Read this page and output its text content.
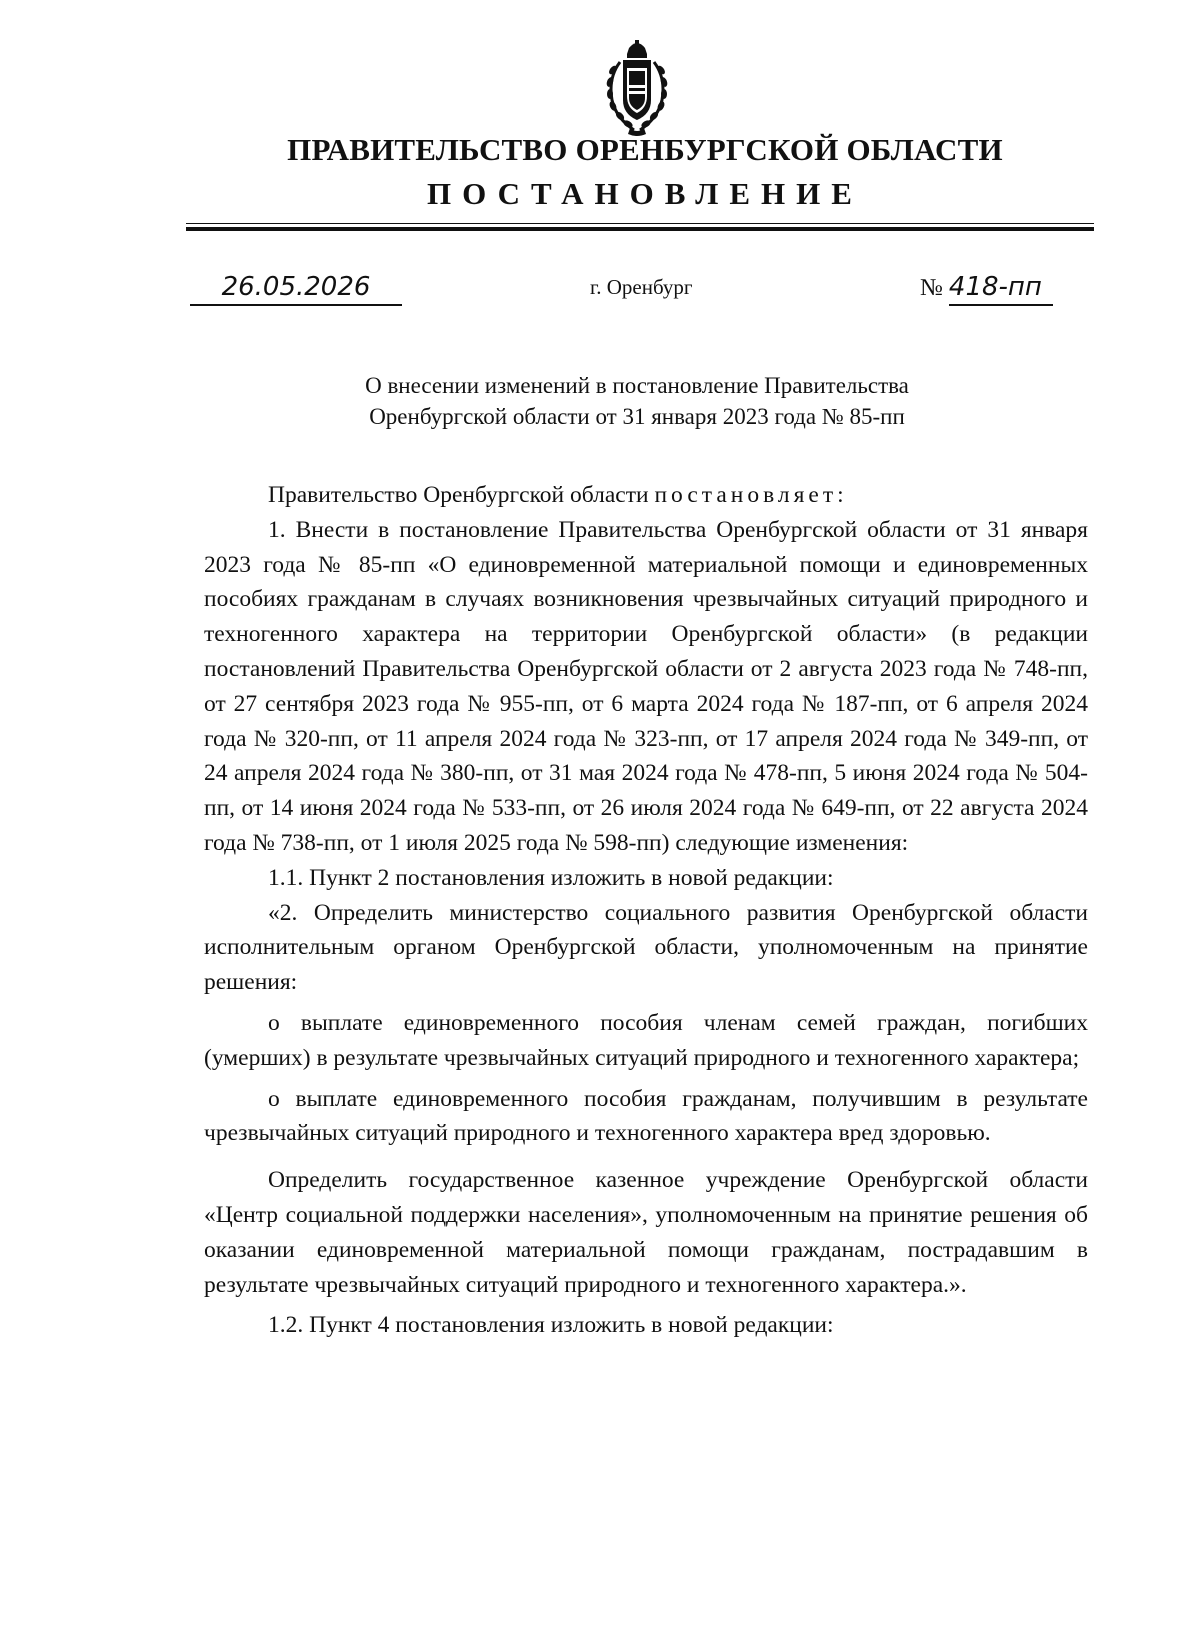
ПРАВИТЕЛЬСТВО ОРЕНБУРГСКОЙ ОБЛАСТИ
ПОСТАНОВЛЕНИЕ
26.05.2026	г. Оренбург	№ 418-пп
О внесении изменений в постановление Правительства
Оренбургской области от 31 января 2023 года № 85-пп

Правительство Оренбургской области постановляет:

1. Внести в постановление Правительства Оренбургской области от 31 января 2023 года № 85-пп «О единовременной материальной помощи и единовременных пособиях гражданам в случаях возникновения чрезвычайных ситуаций природного и техногенного характера на территории Оренбургской области» (в редакции постановлений Правительства Оренбургской области от 2 августа 2023 года № 748-пп, от 27 сентября 2023 года № 955-пп, от 6 марта 2024 года № 187-пп, от 6 апреля 2024 года № 320-пп, от 11 апреля 2024 года № 323-пп, от 17 апреля 2024 года № 349-пп, от 24 апреля 2024 года № 380-пп, от 31 мая 2024 года № 478-пп, 5 июня 2024 года № 504-пп, от 14 июня 2024 года № 533-пп, от 26 июля 2024 года № 649-пп, от 22 августа 2024 года № 738-пп, от 1 июля 2025 года № 598-пп) следующие изменения:

1.1. Пункт 2 постановления изложить в новой редакции:

«2. Определить министерство социального развития Оренбургской области исполнительным органом Оренбургской области, уполномоченным на принятие решения:

о выплате единовременного пособия членам семей граждан, погибших (умерших) в результате чрезвычайных ситуаций природного и техногенного характера;

о выплате единовременного пособия гражданам, получившим в результате чрезвычайных ситуаций природного и техногенного характера вред здоровью.

Определить государственное казенное учреждение Оренбургской области «Центр социальной поддержки населения», уполномоченным на принятие решения об оказании единовременной материальной помощи гражданам, пострадавшим в результате чрезвычайных ситуаций природного и техногенного характера.».

1.2. Пункт 4 постановления изложить в новой редакции:
